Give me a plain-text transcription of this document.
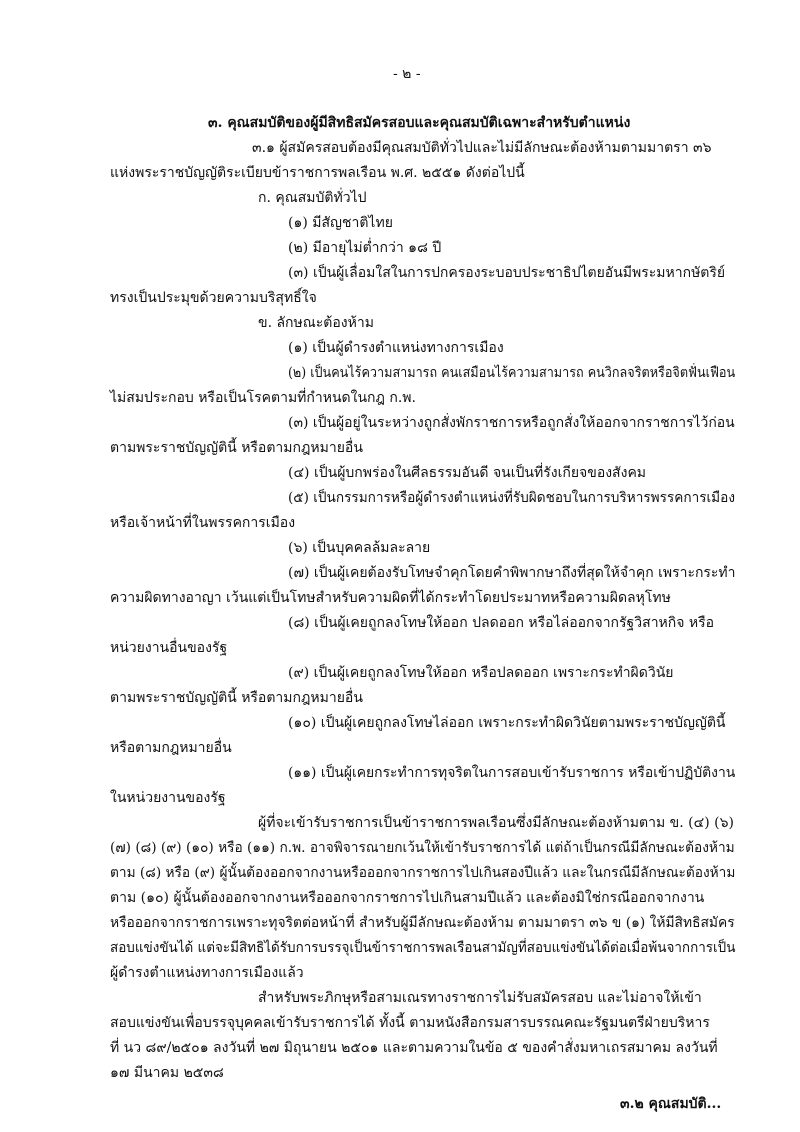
- ๒ -
๓. คุณสมบัติของผู้มีสิทธิสมัครสอบและคุณสมบัติเฉพาะสำหรับตำแหน่ง
๓.๑ ผู้สมัครสอบต้องมีคุณสมบัติทั่วไปและไม่มีลักษณะต้องห้ามตามมาตรา ๓๖
แห่งพระราชบัญญัติระเบียบข้าราชการพลเรือน พ.ศ. ๒๕๕๑ ดังต่อไปนี้
ก. คุณสมบัติทั่วไป
(๑) มีสัญชาติไทย
(๒) มีอายุไม่ต่ำกว่า ๑๘ ปี
(๓) เป็นผู้เลื่อมใสในการปกครองระบอบประชาธิปไตยอันมีพระมหากษัตริย์
ทรงเป็นประมุขด้วยความบริสุทธิ์ใจ
ข. ลักษณะต้องห้าม
(๑) เป็นผู้ดำรงตำแหน่งทางการเมือง
(๒) เป็นคนไร้ความสามารถ คนเสมือนไร้ความสามารถ คนวิกลจริตหรือจิตฟั่นเฟือน
ไม่สมประกอบ หรือเป็นโรคตามที่กำหนดในกฎ ก.พ.
(๓) เป็นผู้อยู่ในระหว่างถูกสั่งพักราชการหรือถูกสั่งให้ออกจากราชการไว้ก่อน
ตามพระราชบัญญัตินี้ หรือตามกฎหมายอื่น
(๔) เป็นผู้บกพร่องในศีลธรรมอันดี จนเป็นที่รังเกียจของสังคม
(๕) เป็นกรรมการหรือผู้ดำรงตำแหน่งที่รับผิดชอบในการบริหารพรรคการเมือง
หรือเจ้าหน้าที่ในพรรคการเมือง
(๖) เป็นบุคคลล้มละลาย
(๗) เป็นผู้เคยต้องรับโทษจำคุกโดยคำพิพากษาถึงที่สุดให้จำคุก เพราะกระทำ
ความผิดทางอาญา เว้นแต่เป็นโทษสำหรับความผิดที่ได้กระทำโดยประมาทหรือความผิดลหุโทษ
(๘) เป็นผู้เคยถูกลงโทษให้ออก ปลดออก หรือไล่ออกจากรัฐวิสาหกิจ หรือ
หน่วยงานอื่นของรัฐ
(๙) เป็นผู้เคยถูกลงโทษให้ออก หรือปลดออก เพราะกระทำผิดวินัย
ตามพระราชบัญญัตินี้ หรือตามกฎหมายอื่น
(๑๐) เป็นผู้เคยถูกลงโทษไล่ออก เพราะกระทำผิดวินัยตามพระราชบัญญัตินี้
หรือตามกฎหมายอื่น
(๑๑) เป็นผู้เคยกระทำการทุจริตในการสอบเข้ารับราชการ หรือเข้าปฏิบัติงาน
ในหน่วยงานของรัฐ
ผู้ที่จะเข้ารับราชการเป็นข้าราชการพลเรือนซึ่งมีลักษณะต้องห้ามตาม ข. (๔) (๖)
(๗) (๘) (๙) (๑๐) หรือ (๑๑) ก.พ. อาจพิจารณายกเว้นให้เข้ารับราชการได้ แต่ถ้าเป็นกรณีมีลักษณะต้องห้าม
ตาม (๘) หรือ (๙) ผู้นั้นต้องออกจากงานหรือออกจากราชการไปเกินสองปีแล้ว และในกรณีมีลักษณะต้องห้าม
ตาม (๑๐) ผู้นั้นต้องออกจากงานหรือออกจากราชการไปเกินสามปีแล้ว และต้องมิใช่กรณีออกจากงาน
หรือออกจากราชการเพราะทุจริตต่อหน้าที่ สำหรับผู้มีลักษณะต้องห้าม ตามมาตรา ๓๖ ข (๑) ให้มีสิทธิสมัคร
สอบแข่งขันได้ แต่จะมีสิทธิได้รับการบรรจุเป็นข้าราชการพลเรือนสามัญที่สอบแข่งขันได้ต่อเมื่อพ้นจากการเป็น
ผู้ดำรงตำแหน่งทางการเมืองแล้ว
สำหรับพระภิกษุหรือสามเณรทางราชการไม่รับสมัครสอบ และไม่อาจให้เข้า
สอบแข่งขันเพื่อบรรจุบุคคลเข้ารับราชการได้ ทั้งนี้ ตามหนังสือกรมสารบรรณคณะรัฐมนตรีฝ่ายบริหาร
ที่ นว ๘๙/๒๕๐๑ ลงวันที่ ๒๗ มิถุนายน ๒๕๐๑ และตามความในข้อ ๕ ของคำสั่งมหาเถรสมาคม ลงวันที่
๑๗ มีนาคม ๒๕๓๘
๓.๒ คุณสมบัติ...
